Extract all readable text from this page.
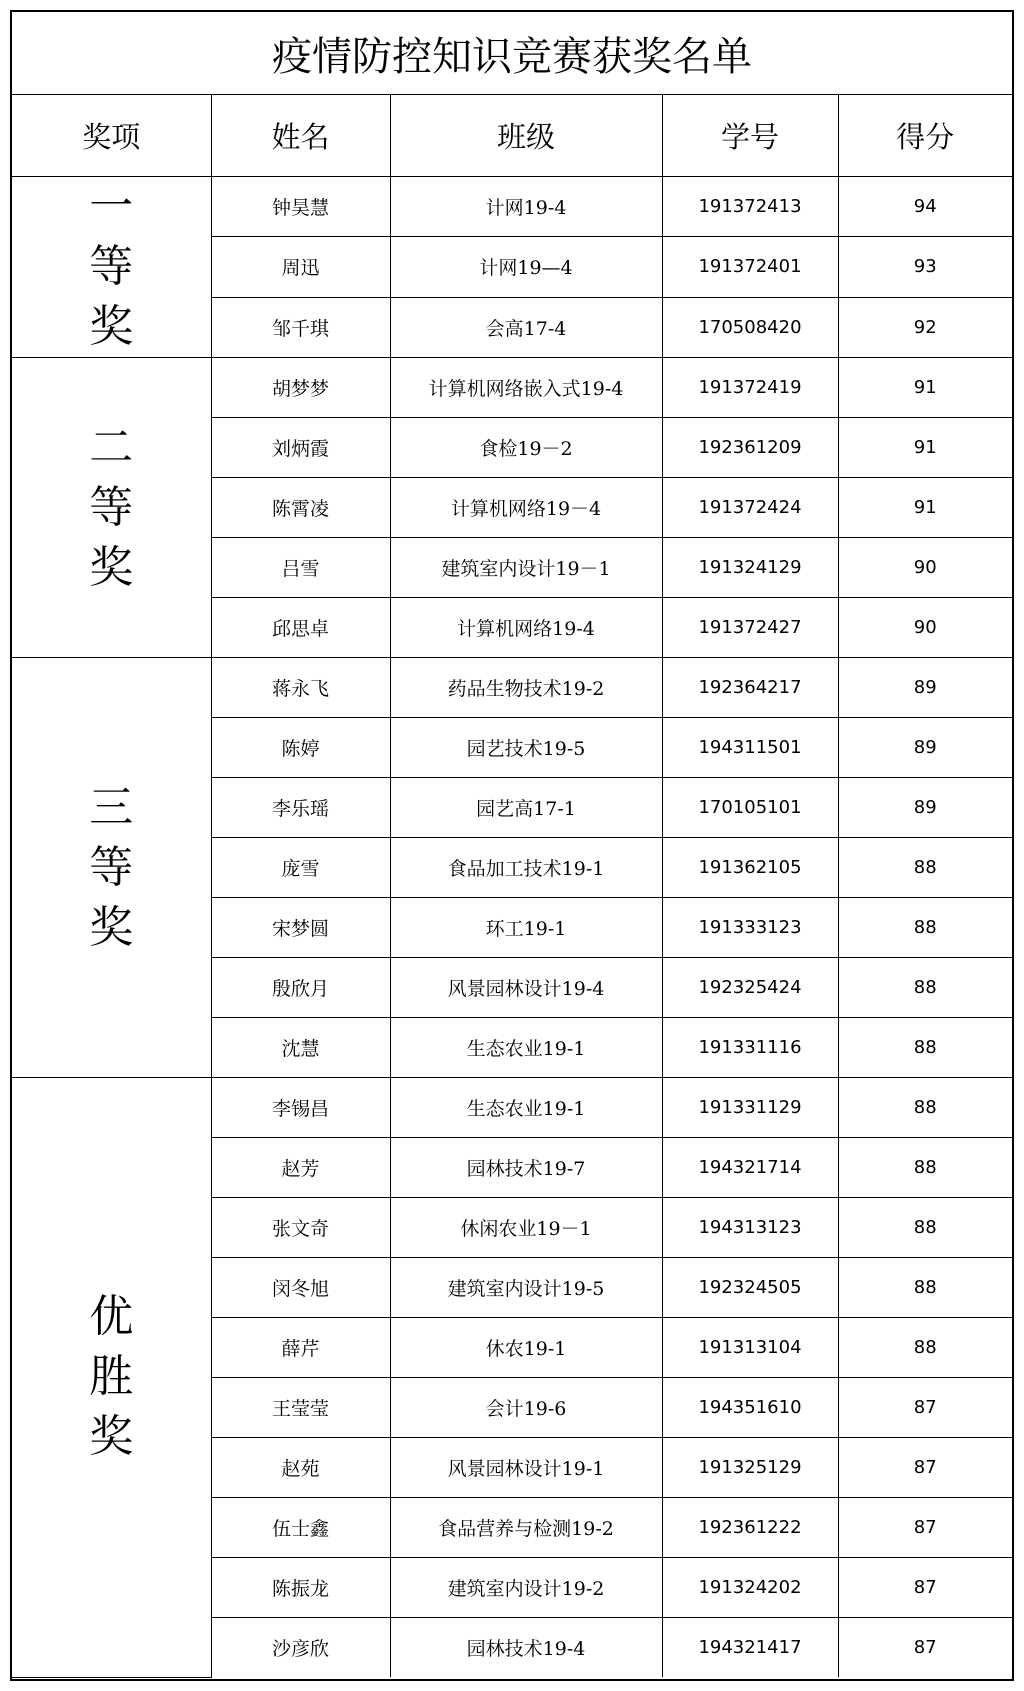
疫情防控知识竞赛获奖名单				
奖项	姓名	班级	学号	得分
一等奖	钟昊慧	计网19-4	191372413	94
	周迅	计网19—4	191372401	93
	邹千琪	会高17-4	170508420	92
二等奖	胡梦梦	计算机网络嵌入式19-4	191372419	91
	刘炳霞	食检19－2	192361209	91
	陈霄凌	计算机网络19－4	191372424	91
	吕雪	建筑室内设计19－1	191324129	90
	邱思卓	计算机网络19-4	191372427	90
三等奖	蒋永飞	药品生物技术19-2	192364217	89
	陈婷	园艺技术19-5	194311501	89
	李乐瑶	园艺高17-1	170105101	89
	庞雪	食品加工技术19-1	191362105	88
	宋梦圆	环工19-1	191333123	88
	殷欣月	风景园林设计19-4	192325424	88
	沈慧	生态农业19-1	191331116	88
优胜奖	李锡昌	生态农业19-1	191331129	88
	赵芳	园林技术19-7	194321714	88
	张文奇	休闲农业19－1	194313123	88
	闵冬旭	建筑室内设计19-5	192324505	88
	薛芹	休农19-1	191313104	88
	王莹莹	会计19-6	194351610	87
	赵苑	风景园林设计19-1	191325129	87
	伍士鑫	食品营养与检测19-2	192361222	87
	陈振龙	建筑室内设计19-2	191324202	87
	沙彦欣	园林技术19-4	194321417	87
